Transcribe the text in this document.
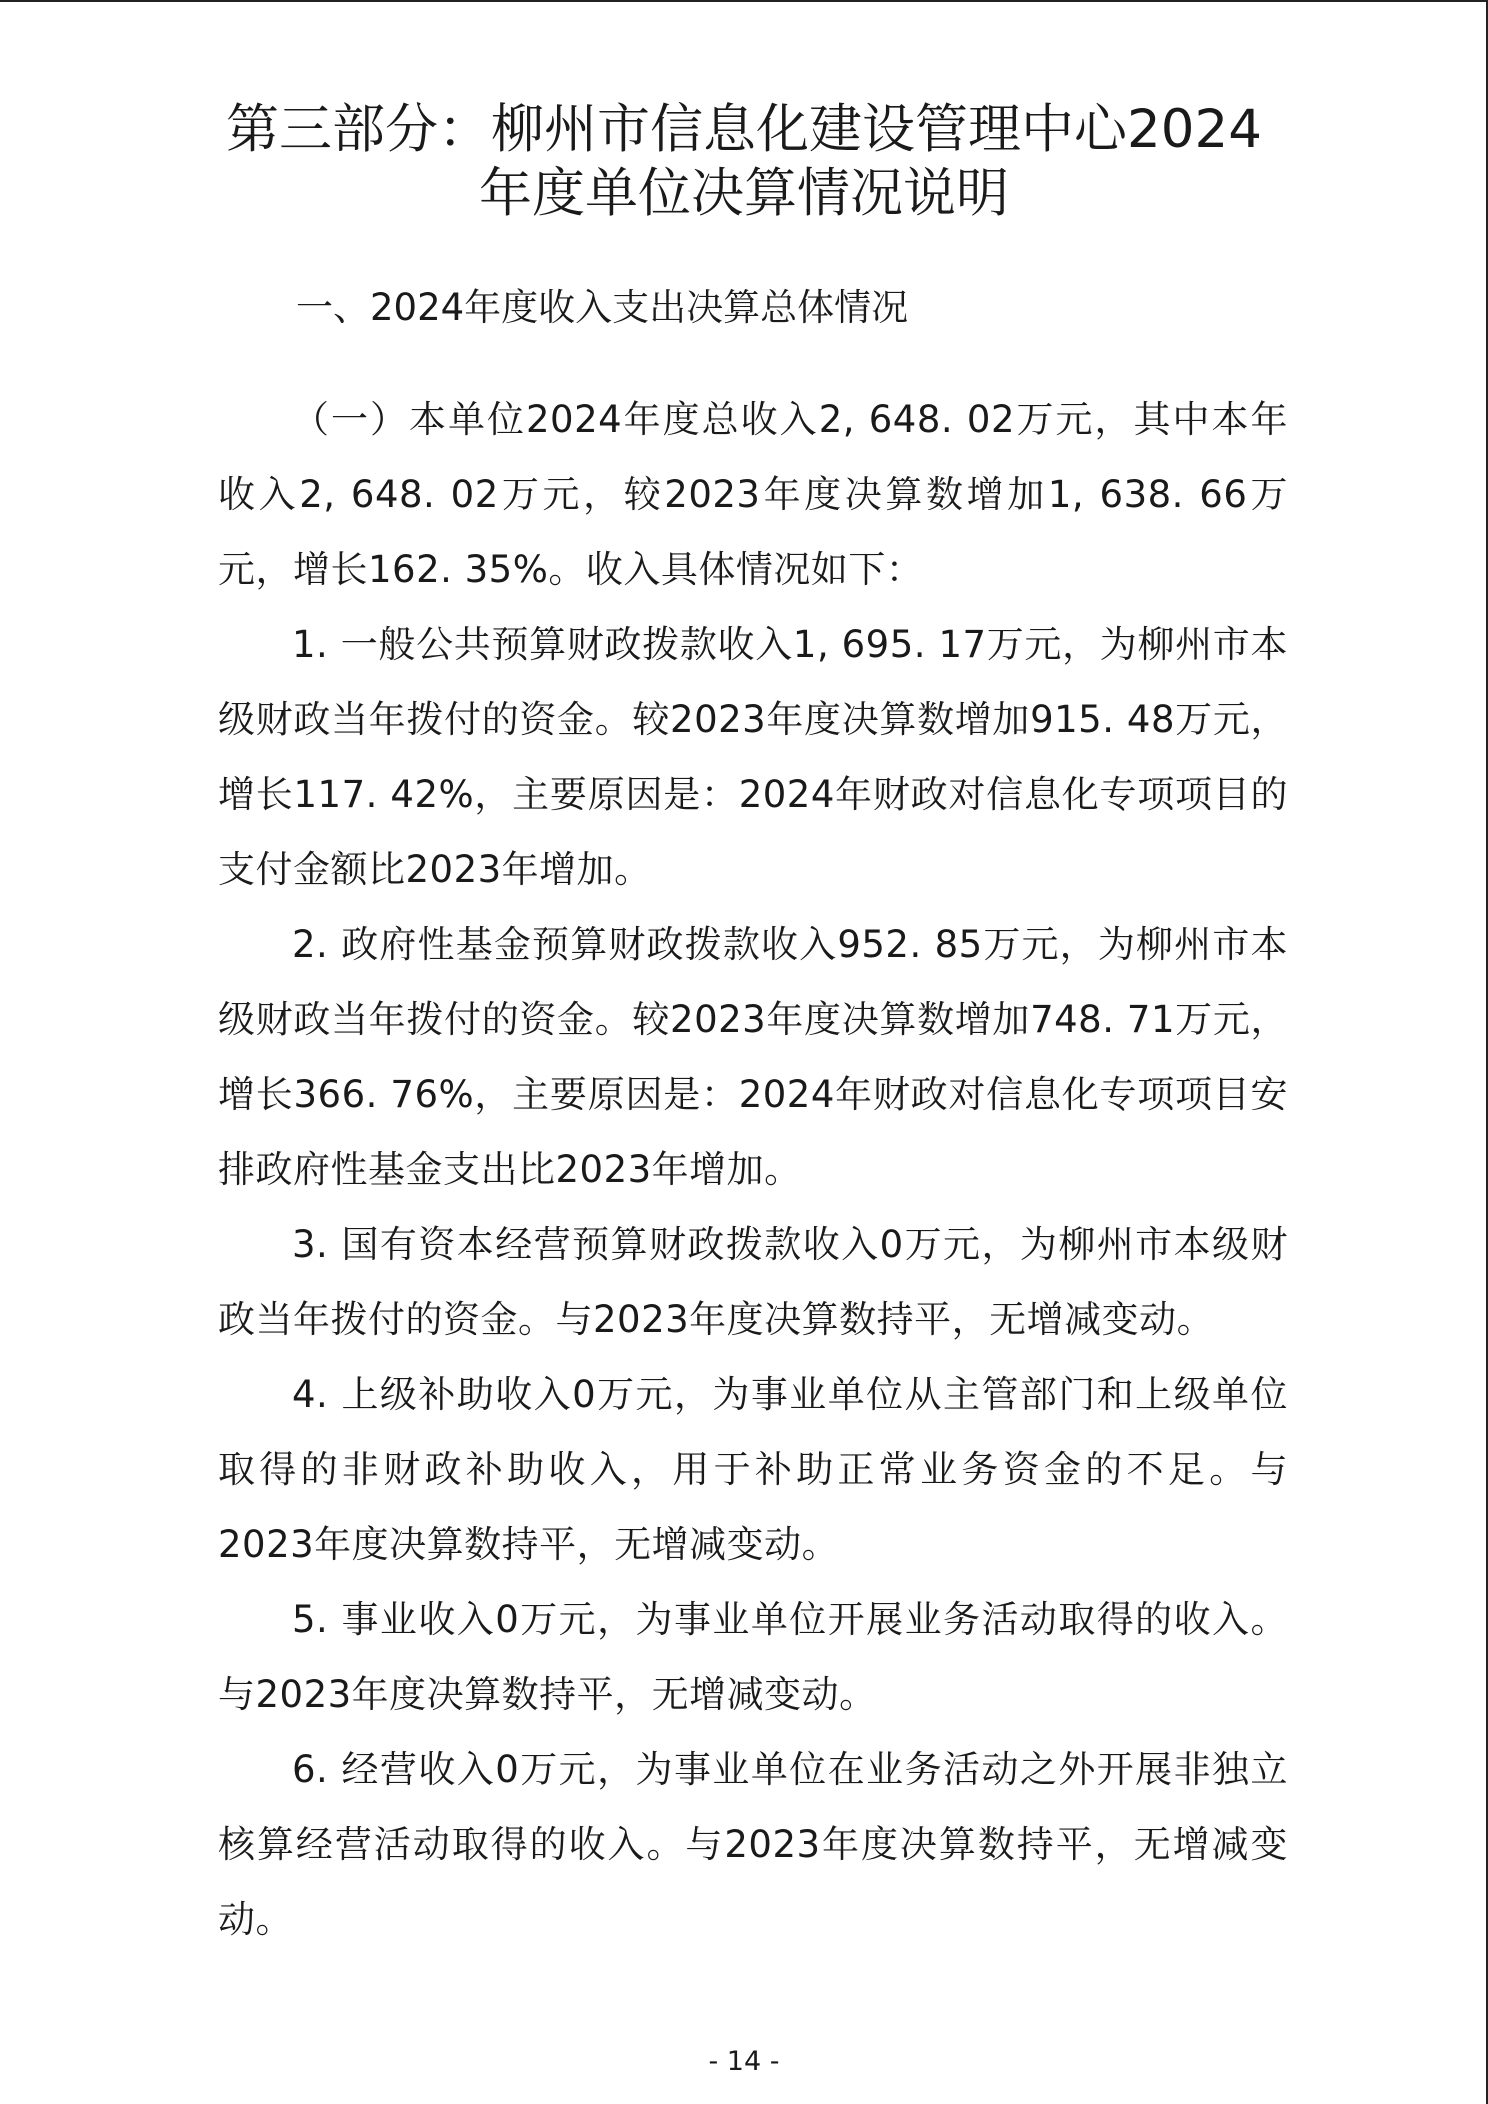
第三部分：柳州市信息化建设管理中心2024
年度单位决算情况说明
一、2024年度收入支出决算总体情况

（一）本单位2024年度总收入2, 648. 02万元，其中本年收入2, 648. 02万元，较2023年度决算数增加1, 638. 66万元，增长162. 35%。收入具体情况如下：

1. 一般公共预算财政拨款收入1, 695. 17万元，为柳州市本级财政当年拨付的资金。较2023年度决算数增加915. 48万元，增长117. 42%，主要原因是：2024年财政对信息化专项项目的支付金额比2023年增加。

2. 政府性基金预算财政拨款收入952. 85万元，为柳州市本级财政当年拨付的资金。较2023年度决算数增加748. 71万元，增长366. 76%，主要原因是：2024年财政对信息化专项项目安排政府性基金支出比2023年增加。

3. 国有资本经营预算财政拨款收入0万元，为柳州市本级财政当年拨付的资金。与2023年度决算数持平，无增减变动。

4. 上级补助收入0万元，为事业单位从主管部门和上级单位取得的非财政补助收入，用于补助正常业务资金的不足。与2023年度决算数持平，无增减变动。

5. 事业收入0万元，为事业单位开展业务活动取得的收入。与2023年度决算数持平，无增减变动。

6. 经营收入0万元，为事业单位在业务活动之外开展非独立核算经营活动取得的收入。与2023年度决算数持平，无增减变动。

- 14 -
